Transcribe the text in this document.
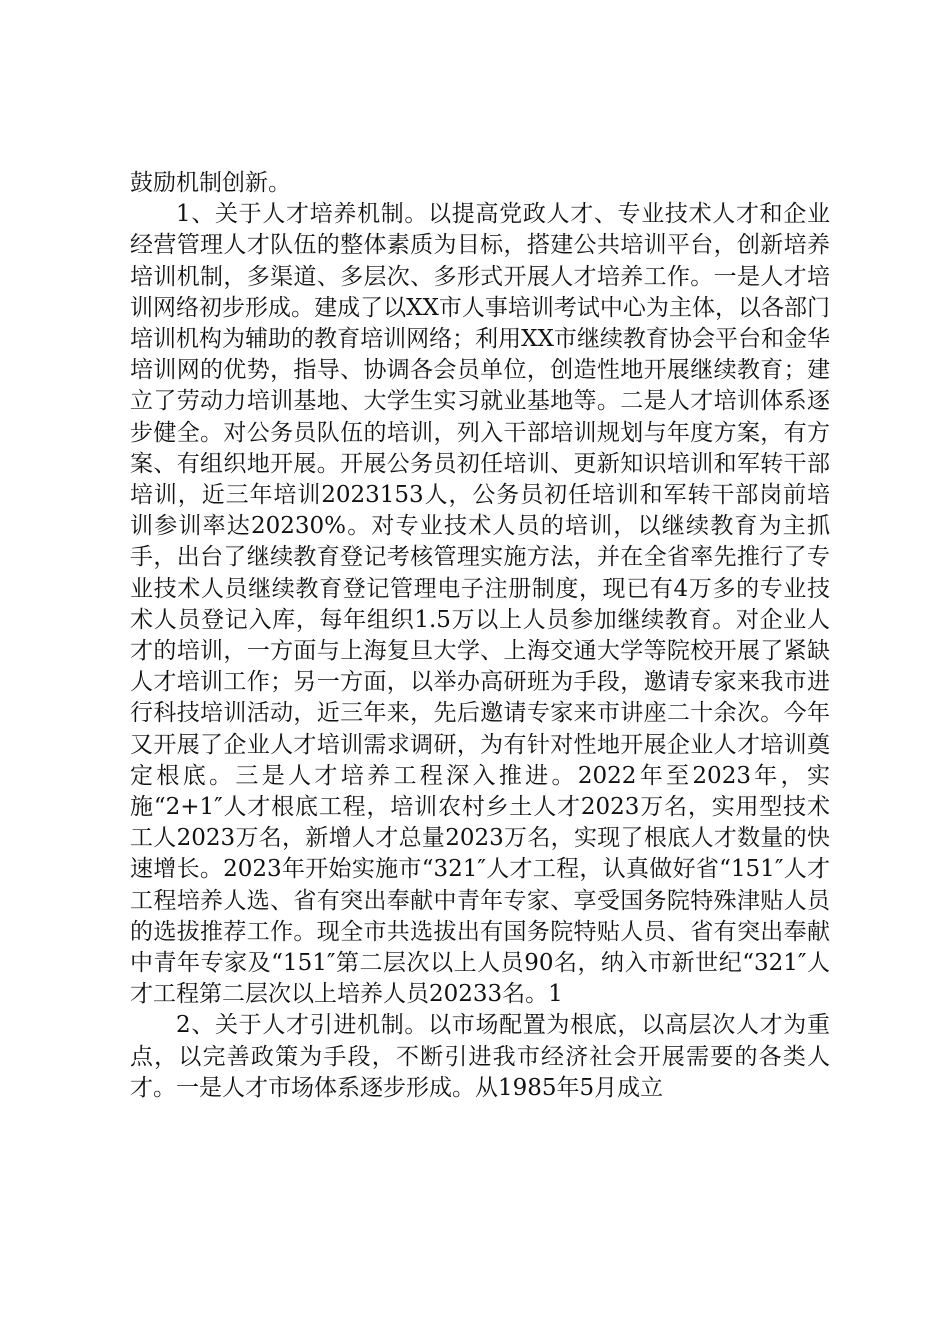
鼓励机制创新。

1、关于人才培养机制。以提高党政人才、专业技术人才和企业经营管理人才队伍的整体素质为目标，搭建公共培训平台，创新培养培训机制，多渠道、多层次、多形式开展人才培养工作。一是人才培训网络初步形成。建成了以XX市人事培训考试中心为主体，以各部门培训机构为辅助的教育培训网络；利用XX市继续教育协会平台和金华培训网的优势，指导、协调各会员单位，创造性地开展继续教育；建立了劳动力培训基地、大学生实习就业基地等。二是人才培训体系逐步健全。对公务员队伍的培训，列入干部培训规划与年度方案，有方案、有组织地开展。开展公务员初任培训、更新知识培训和军转干部培训，近三年培训2023153人，公务员初任培训和军转干部岗前培训参训率达20230%。对专业技术人员的培训，以继续教育为主抓手，出台了继续教育登记考核管理实施方法，并在全省率先推行了专业技术人员继续教育登记管理电子注册制度，现已有4万多的专业技术人员登记入库，每年组织1.5万以上人员参加继续教育。对企业人才的培训，一方面与上海复旦大学、上海交通大学等院校开展了紧缺人才培训工作；另一方面，以举办高研班为手段，邀请专家来我市进行科技培训活动，近三年来，先后邀请专家来市讲座二十余次。今年又开展了企业人才培训需求调研，为有针对性地开展企业人才培训奠定根底。三是人才培养工程深入推进。2022年至2023年，实施“2+1″人才根底工程，培训农村乡土人才2023万名，实用型技术工人2023万名，新增人才总量2023万名，实现了根底人才数量的快速增长。2023年开始实施市“321″人才工程，认真做好省“151″人才工程培养人选、省有突出奉献中青年专家、享受国务院特殊津贴人员的选拔推荐工作。现全市共选拔出有国务院特贴人员、省有突出奉献中青年专家及“151″第二层次以上人员90名，纳入市新世纪“321″人才工程第二层次以上培养人员20233名。1

2、关于人才引进机制。以市场配置为根底，以高层次人才为重点，以完善政策为手段，不断引进我市经济社会开展需要的各类人才。一是人才市场体系逐步形成。从1985年5月成立
